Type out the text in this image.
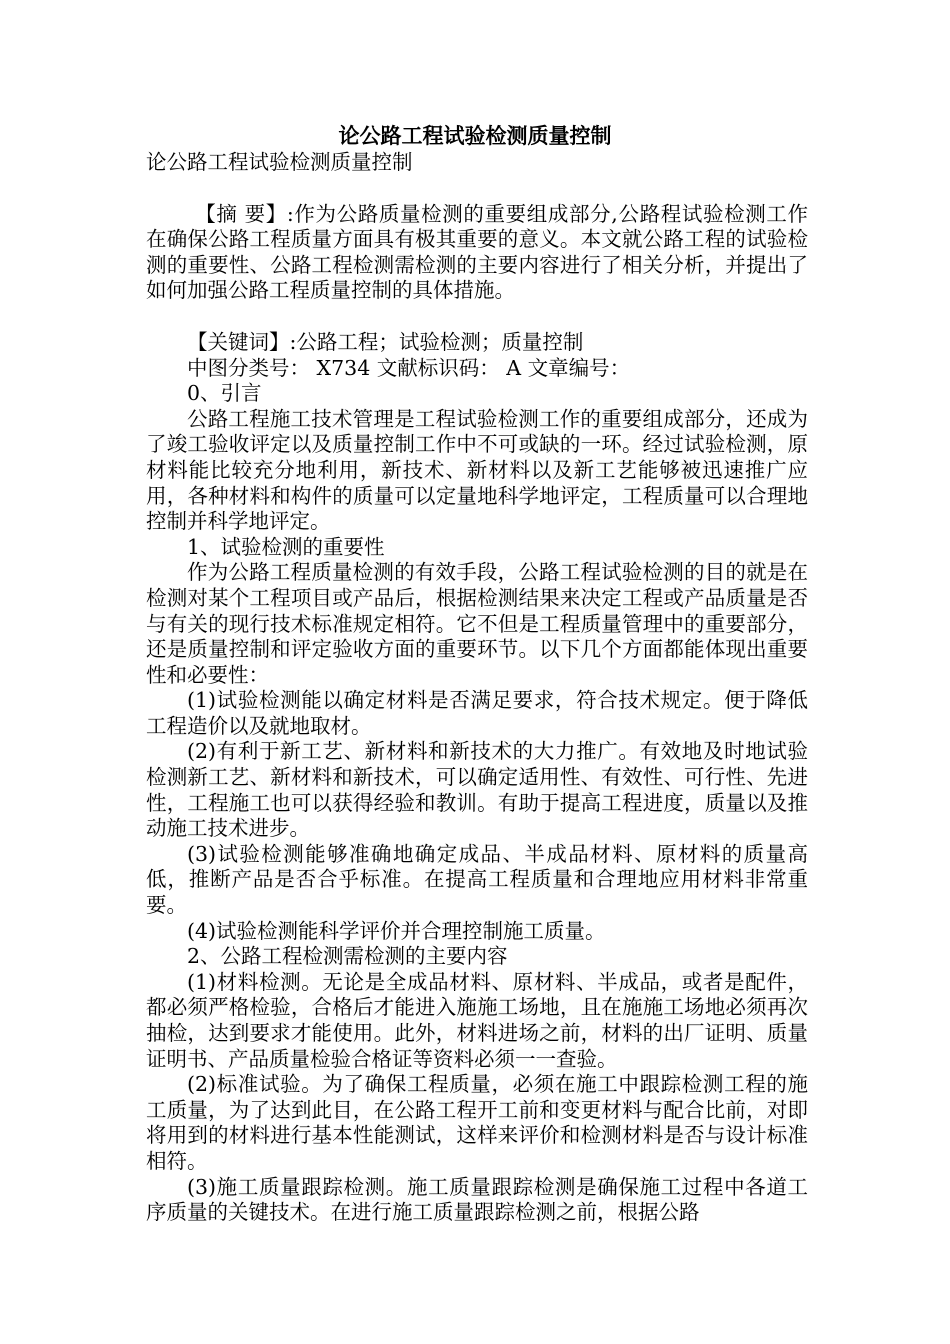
论公路工程试验检测质量控制

论公路工程试验检测质量控制

【摘 要】:作为公路质量检测的重要组成部分,公路程试验检测工作在确保公路工程质量方面具有极其重要的意义。本文就公路工程的试验检测的重要性、公路工程检测需检测的主要内容进行了相关分析，并提出了如何加强公路工程质量控制的具体措施。

【关键词】:公路工程；试验检测；质量控制

中图分类号： X734 文献标识码： A 文章编号：

0、引言

公路工程施工技术管理是工程试验检测工作的重要组成部分，还成为了竣工验收评定以及质量控制工作中不可或缺的一环。经过试验检测，原材料能比较充分地利用，新技术、新材料以及新工艺能够被迅速推广应用，各种材料和构件的质量可以定量地科学地评定，工程质量可以合理地控制并科学地评定。

1、试验检测的重要性

作为公路工程质量检测的有效手段，公路工程试验检测的目的就是在检测对某个工程项目或产品后，根据检测结果来决定工程或产品质量是否与有关的现行技术标准规定相符。它不但是工程质量管理中的重要部分，还是质量控制和评定验收方面的重要环节。以下几个方面都能体现出重要性和必要性：

(1)试验检测能以确定材料是否满足要求，符合技术规定。便于降低工程造价以及就地取材。

(2)有利于新工艺、新材料和新技术的大力推广。有效地及时地试验检测新工艺、新材料和新技术，可以确定适用性、有效性、可行性、先进性，工程施工也可以获得经验和教训。有助于提高工程进度，质量以及推动施工技术进步。

(3)试验检测能够准确地确定成品、半成品材料、原材料的质量高低，推断产品是否合乎标准。在提高工程质量和合理地应用材料非常重要。

(4)试验检测能科学评价并合理控制施工质量。

2、公路工程检测需检测的主要内容

(1)材料检测。无论是全成品材料、原材料、半成品，或者是配件，都必须严格检验，合格后才能进入施施工场地，且在施施工场地必须再次抽检，达到要求才能使用。此外，材料进场之前，材料的出厂证明、质量证明书、产品质量检验合格证等资料必须一一查验。

(2)标准试验。为了确保工程质量，必须在施工中跟踪检测工程的施工质量，为了达到此目，在公路工程开工前和变更材料与配合比前，对即将用到的材料进行基本性能测试，这样来评价和检测材料是否与设计标准相符。

(3)施工质量跟踪检测。施工质量跟踪检测是确保施工过程中各道工序质量的关键技术。在进行施工质量跟踪检测之前，根据公路
